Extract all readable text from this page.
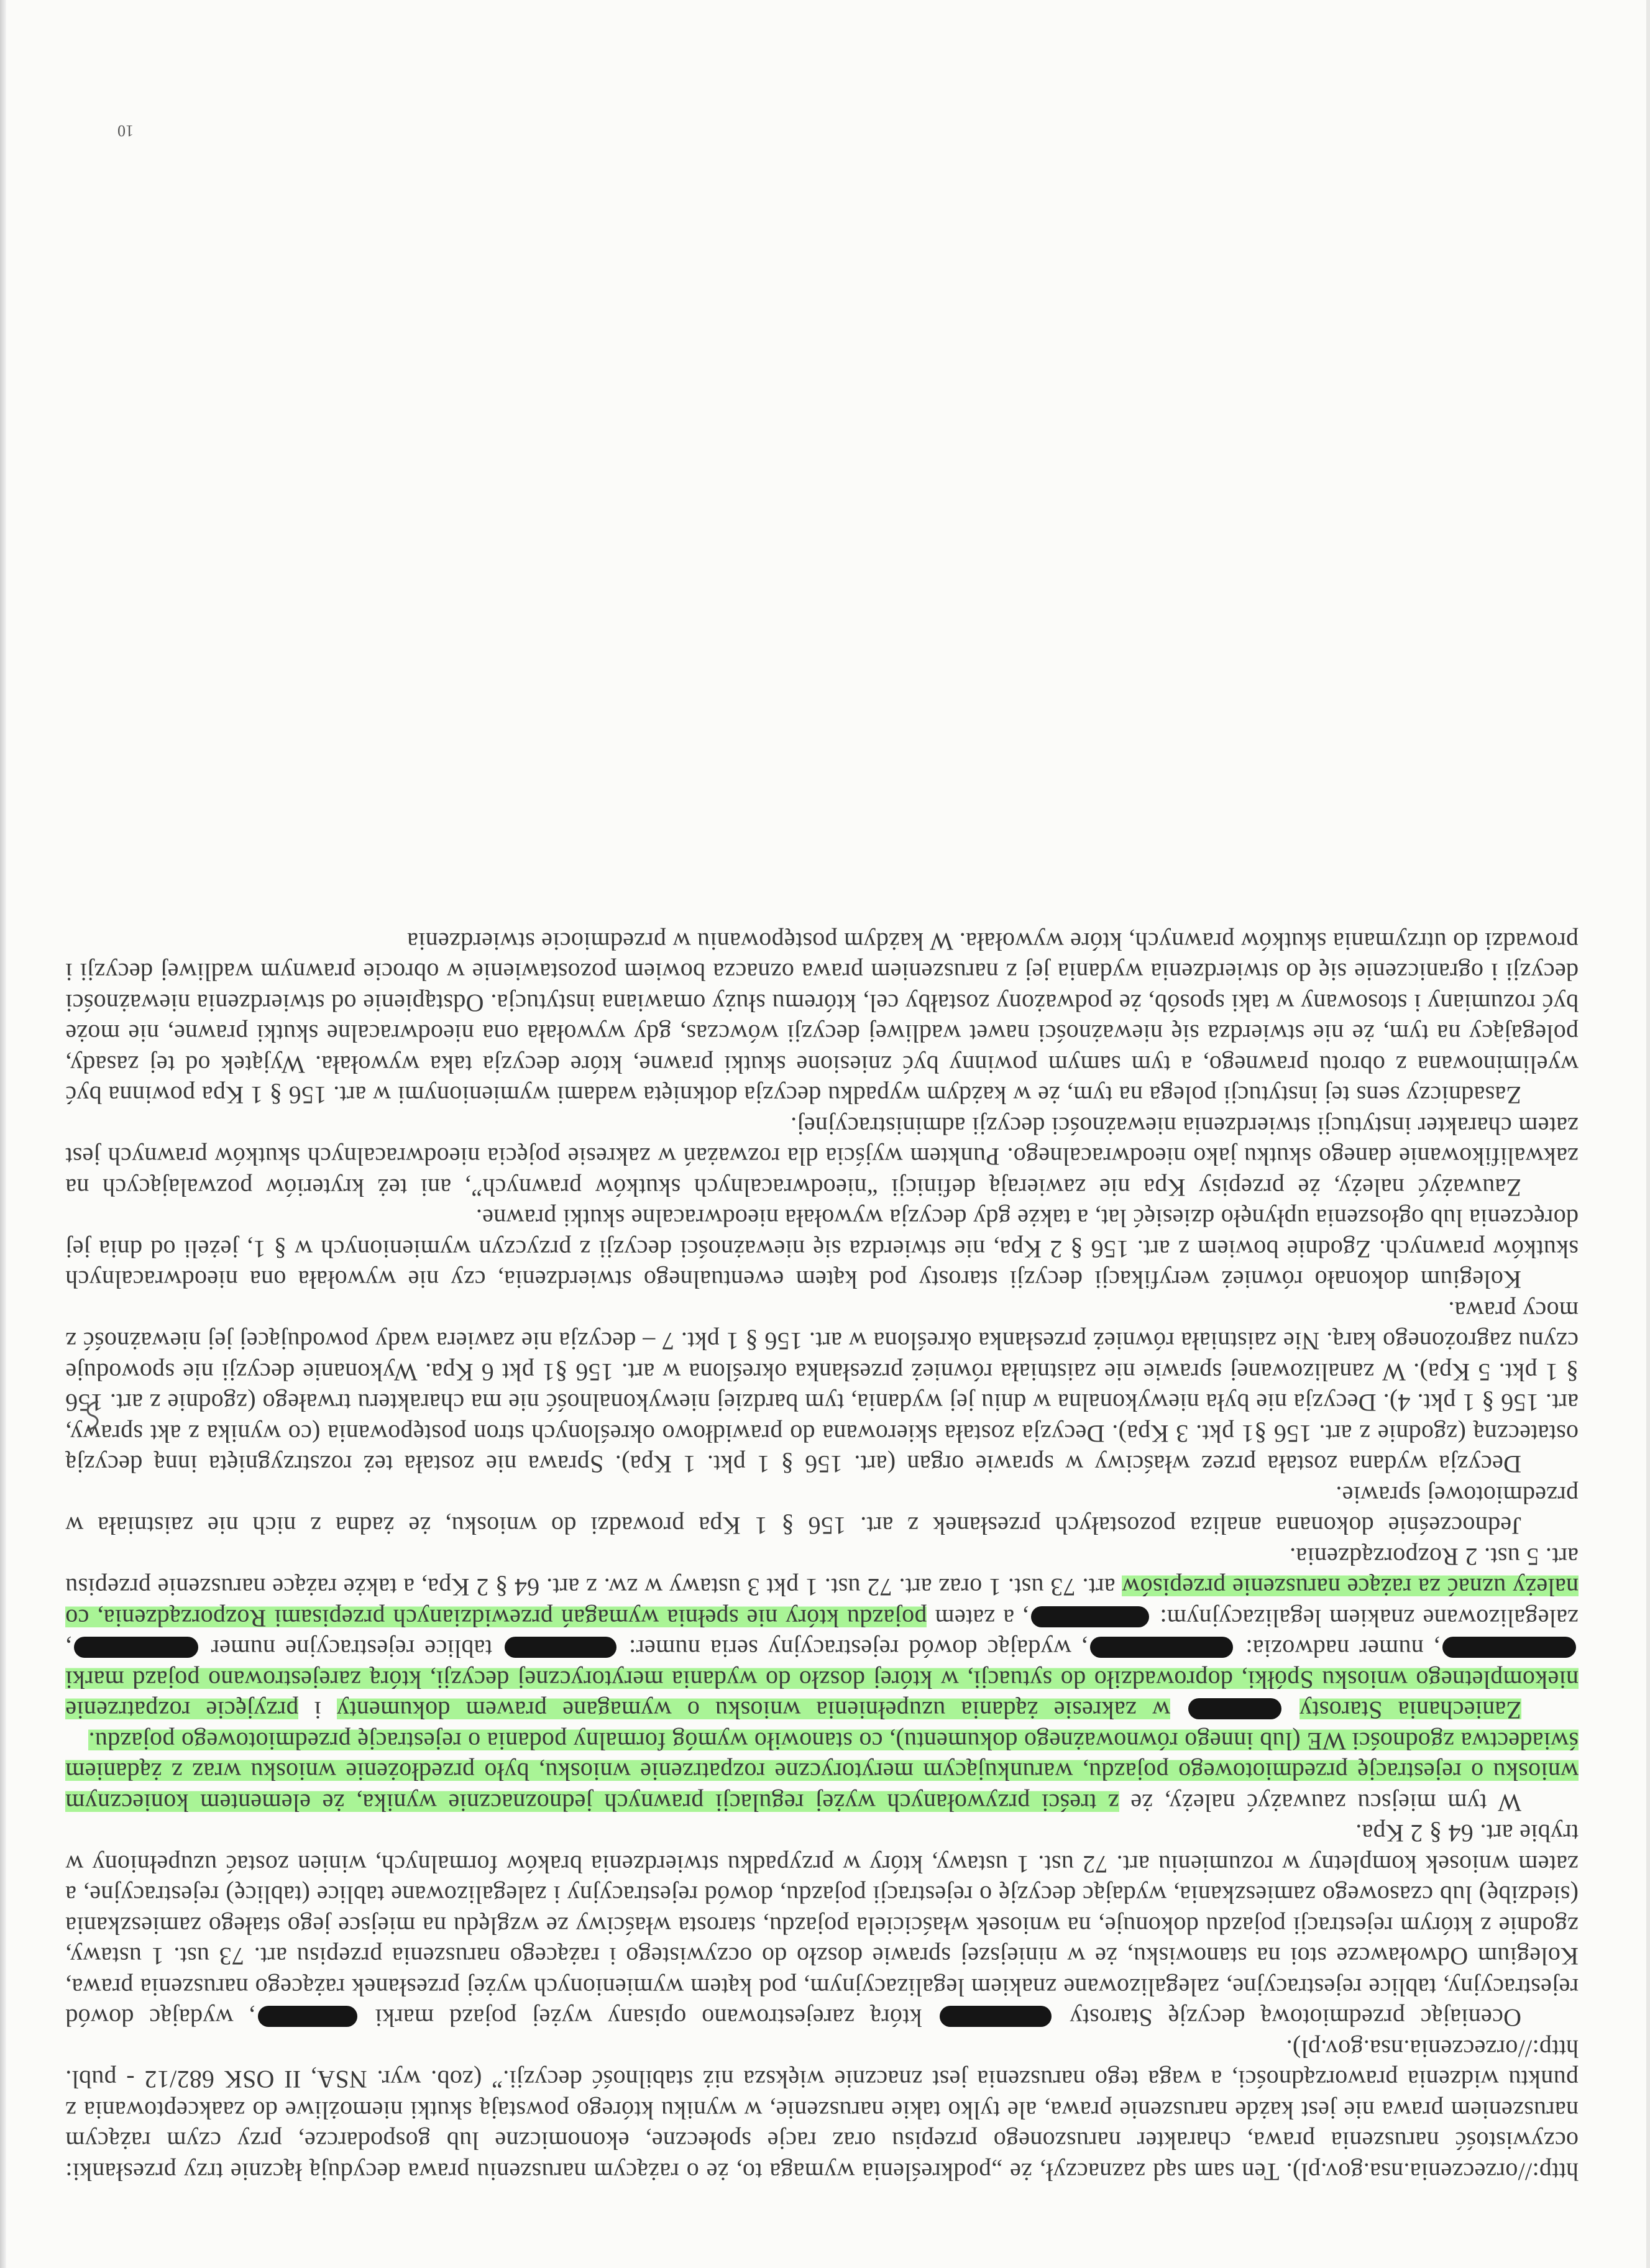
http://orzeczenia.nsa.gov.pl). Ten sam sąd zaznaczył, że „podkreślenia wymaga to, że o rażącym naruszeniu prawa decydują łącznie trzy przesłanki: oczywistość naruszenia prawa, charakter naruszonego przepisu oraz racje społeczne, ekonomiczne lub gospodarcze, przy czym rażącym naruszeniem prawa nie jest każde naruszenie prawa, ale tylko takie naruszenie, w wyniku którego powstają skutki niemożliwe do zaakceptowania z punktu widzenia praworządności, a waga tego naruszenia jest znacznie większa niż stabilność decyzji.” (zob. wyr. NSA, II OSK 682/12 - publ. http://orzeczenia.nsa.gov.pl).

Oceniając przedmiotową decyzję Starosty  którą zarejestrowano opisany wyżej pojazd marki , wydając dowód rejestracyjny, tablice rejestracyjne, zalegalizowane znakiem legalizacyjnym, pod kątem wymienionych wyżej przesłanek rażącego naruszenia prawa, Kolegium Odwoławcze stoi na stanowisku, że w niniejszej sprawie doszło do oczywistego i rażącego naruszenia przepisu art. 73 ust. 1 ustawy, zgodnie z którym rejestracji pojazdu dokonuje, na wniosek właściciela pojazdu, starosta właściwy ze względu na miejsce jego stałego zamieszkania (siedzibę) lub czasowego zamieszkania, wydając decyzję o rejestracji pojazdu, dowód rejestracyjny i zalegalizowane tablice (tablicę) rejestracyjne, a zatem wniosek kompletny w rozumieniu art. 72 ust. 1 ustawy, który w przypadku stwierdzenia braków formalnych, winien zostać uzupełniony w trybie art. 64 § 2 Kpa.

W tym miejscu zauważyć należy, że z treści przywołanych wyżej regulacji prawnych jednoznacznie wynika, że elementem koniecznym wniosku o rejestrację przedmiotowego pojazdu, warunkującym merytoryczne rozpatrzenie wniosku, było przedłożenie wniosku wraz z żądaniem świadectwa zgodności WE (lub innego równoważnego dokumentu), co stanowiło wymóg formalny podania o rejestrację przedmiotowego pojazdu.

Zaniechania Starosty  w zakresie żądania uzupełnienia wniosku o wymagane prawem dokumenty i przyjęcie rozpatrzenie niekompletnego wniosku Spółki, doprowadziło do sytuacji, w której doszło do wydania merytorycznej decyzji, którą zarejestrowano pojazd marki , numer nadwozia: , wydając dowód rejestracyjny seria numer:  tablice rejestracyjne numer , zalegalizowane znakiem legalizacyjnym: , a zatem pojazdu który nie spełnia wymagań przewidzianych przepisami Rozporządzenia, co należy uznać za rażące naruszenie przepisów art. 73 ust. 1 oraz art. 72 ust. 1 pkt 3 ustawy w zw. z art. 64 § 2 Kpa, a także rażące naruszenie przepisu art. 5 ust. 2 Rozporządzenia.

Jednocześnie dokonana analiza pozostałych przesłanek z art. 156 § 1 Kpa prowadzi do wniosku, że żadna z nich nie zaistniała w przedmiotowej sprawie.

Decyzja wydana została przez właściwy w sprawie organ (art. 156 § 1 pkt. 1 Kpa). Sprawa nie została też rozstrzygnięta inną decyzją ostateczną (zgodnie z art. 156 §1 pkt. 3 Kpa). Decyzja została skierowana do prawidłowo określonych stron postępowania (co wynika z akt sprawy, art. 156 § 1 pkt. 4). Decyzja nie była niewykonalna w dniu jej wydania, tym bardziej niewykonalność nie ma charakteru trwałego (zgodnie z art. 156 § 1 pkt. 5 Kpa). W zanalizowanej sprawie nie zaistniała również przesłanka określona w art. 156 §1 pkt 6 Kpa. Wykonanie decyzji nie spowoduje czynu zagrożonego karą. Nie zaistniała również przesłanka określona w art. 156 § 1 pkt. 7 – decyzja nie zawiera wady powodującej jej nieważność z mocy prawa.

Kolegium dokonało również weryfikacji decyzji starosty pod kątem ewentualnego stwierdzenia, czy nie wywołała ona nieodwracalnych skutków prawnych. Zgodnie bowiem z art. 156 § 2 Kpa, nie stwierdza się nieważności decyzji z przyczyn wymienionych w § 1, jeżeli od dnia jej doręczenia lub ogłoszenia upłynęło dziesięć lat, a także gdy decyzja wywołała nieodwracalne skutki prawne.

Zauważyć należy, że przepisy Kpa nie zawierają definicji “nieodwracalnych skutków prawnych”, ani też kryteriów pozwalających na zakwalifikowanie danego skutku jako nieodwracalnego. Punktem wyjścia dla rozważań w zakresie pojęcia nieodwracalnych skutków prawnych jest zatem charakter instytucji stwierdzenia nieważności decyzji administracyjnej.

Zasadniczy sens tej instytucji polega na tym, że w każdym wypadku decyzja dotknięta wadami wymienionymi w art. 156 § 1 Kpa powinna być wyeliminowana z obrotu prawnego, a tym samym powinny być zniesione skutki prawne, które decyzja taka wywołała. Wyjątek od tej zasady, polegający na tym, że nie stwierdza się nieważności nawet wadliwej decyzji wówczas, gdy wywołała ona nieodwracalne skutki prawne, nie może być rozumiany i stosowany w taki sposób, że podważony zostałby cel, któremu służy omawiana instytucja. Odstąpienie od stwierdzenia nieważności decyzji i ograniczenie się do stwierdzenia wydania jej z naruszeniem prawa oznacza bowiem pozostawienie w obrocie prawnym wadliwej decyzji i prowadzi do utrzymania skutków prawnych, które wywołała. W każdym postępowaniu w przedmiocie stwierdzenia

10
